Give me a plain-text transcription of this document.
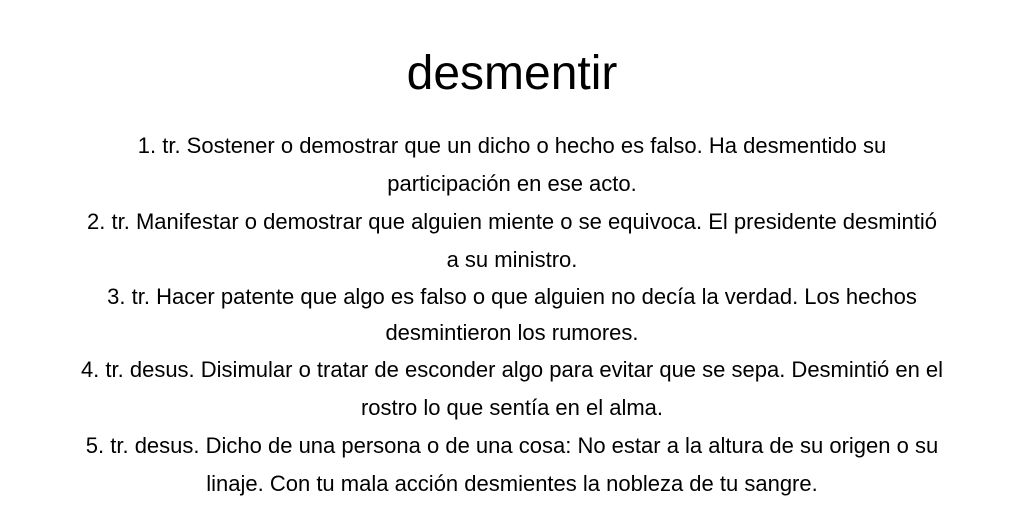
desmentir
1. tr. Sostener o demostrar que un dicho o hecho es falso. Ha desmentido su participación en ese acto.
2. tr. Manifestar o demostrar que alguien miente o se equivoca. El presidente desmintió a su ministro.
3. tr. Hacer patente que algo es falso o que alguien no decía la verdad. Los hechos desmintieron los rumores.
4. tr. desus. Disimular o tratar de esconder algo para evitar que se sepa. Desmintió en el rostro lo que sentía en el alma.
5. tr. desus. Dicho de una persona o de una cosa: No estar a la altura de su origen o su linaje. Con tu mala acción desmientes la nobleza de tu sangre.
